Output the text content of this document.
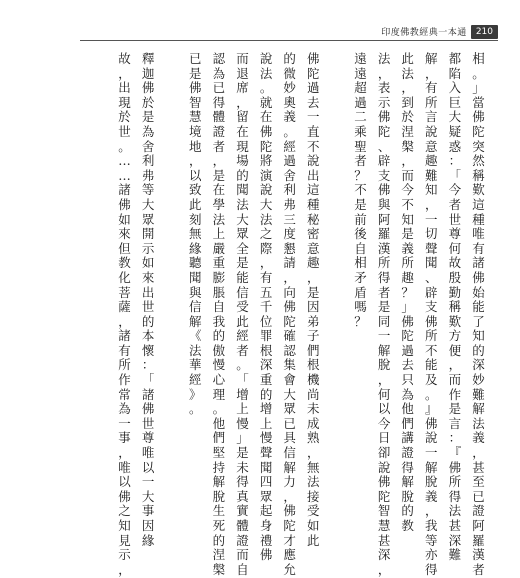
印度佛教經典一本通	210
相
。
」
當
佛
陀
突
然
稱
歎
這
種
唯
有
諸
佛
始
能
了
知
的
深
妙
難
解
法
義
，
甚
至
已
證
阿
羅
漢
者
都
陷
入
巨
大
疑
惑
：
「
今
者
世
尊
何
故
殷
勤
稱
歎
方
便
，
而
作
是
言
：
『
佛
所
得
法
甚
深
難
解
，
有
所
言
說
意
趣
難
知
，
一
切
聲
聞
、
辟
支
佛
所
不
能
及
。
』
佛
說
一
解
脫
義
，
我
等
亦
得
此
法
，
到
於
涅
槃
，
而
今
不
知
是
義
所
趣
？
」
佛
陀
過
去
只
為
他
們
講
證
得
解
脫
的
教
法
，
表
示
佛
陀
、
辟
支
佛
與
阿
羅
漢
所
得
者
是
同
一
解
脫
，
何
以
今
日
卻
說
佛
陀
智
慧
甚
深
，
遠
遠
超
過
二
乘
聖
者
？
不
是
前
後
自
相
矛
盾
嗎
？
佛
陀
過
去
一
直
不
說
出
這
種
秘
密
意
趣
，
是
因
弟
子
們
根
機
尚
未
成
熟
，
無
法
接
受
如
此
的
微
妙
奧
義
。
經
過
舍
利
弗
三
度
懇
請
，
向
佛
陀
確
認
集
會
大
眾
已
具
信
解
力
，
佛
陀
才
應
允
說
法
。
就
在
佛
陀
將
演
說
大
法
之
際
，
有
五
千
位
罪
根
深
重
的
增
上
慢
聲
聞
四
眾
起
身
禮
佛
而
退
席
，
留
在
現
場
的
聞
法
大
眾
全
是
能
信
受
此
經
者
。
「
增
上
慢
」
是
未
得
真
實
體
證
而
自
認
為
已
得
體
證
者
，
是
在
學
法
上
嚴
重
膨
脹
自
我
的
傲
慢
心
理
。
他
們
堅
持
解
脫
生
死
的
涅
槃
已
是
佛
智
慧
境
地
，
以
致
此
刻
無
緣
聽
聞
與
信
解
《
法
華
經
》
。
釋
迦
佛
於
是
為
舍
利
弗
等
大
眾
開
示
如
來
出
世
的
本
懷
：
「
諸
佛
世
尊
唯
以
一
大
事
因
緣
故
，
出
現
於
世
。
…
…
諸
佛
如
來
但
教
化
菩
薩
，
諸
有
所
作
常
為
一
事
，
唯
以
佛
之
知
見
示
，
